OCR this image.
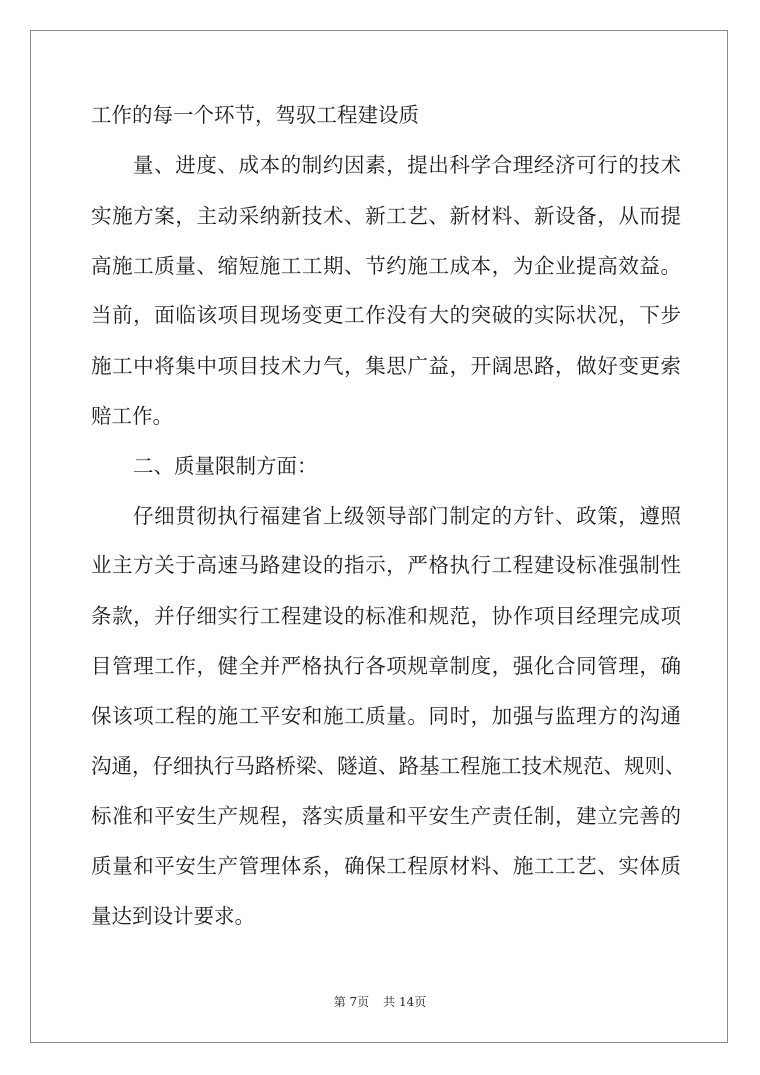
工作的每一个环节，驾驭工程建设质

量、进度、成本的制约因素，提出科学合理经济可行的技术

实施方案，主动采纳新技术、新工艺、新材料、新设备，从而提

高施工质量、缩短施工工期、节约施工成本，为企业提高效益。

当前，面临该项目现场变更工作没有大的突破的实际状况，下步

施工中将集中项目技术力气，集思广益，开阔思路，做好变更索

赔工作。

二、质量限制方面：

仔细贯彻执行福建省上级领导部门制定的方针、政策，遵照

业主方关于高速马路建设的指示，严格执行工程建设标准强制性

条款，并仔细实行工程建设的标准和规范，协作项目经理完成项

目管理工作，健全并严格执行各项规章制度，强化合同管理，确

保该项工程的施工平安和施工质量。同时，加强与监理方的沟通

沟通，仔细执行马路桥梁、隧道、路基工程施工技术规范、规则、

标准和平安生产规程，落实质量和平安生产责任制，建立完善的

质量和平安生产管理体系，确保工程原材料、施工工艺、实体质

量达到设计要求。

第 7页 共 14页
